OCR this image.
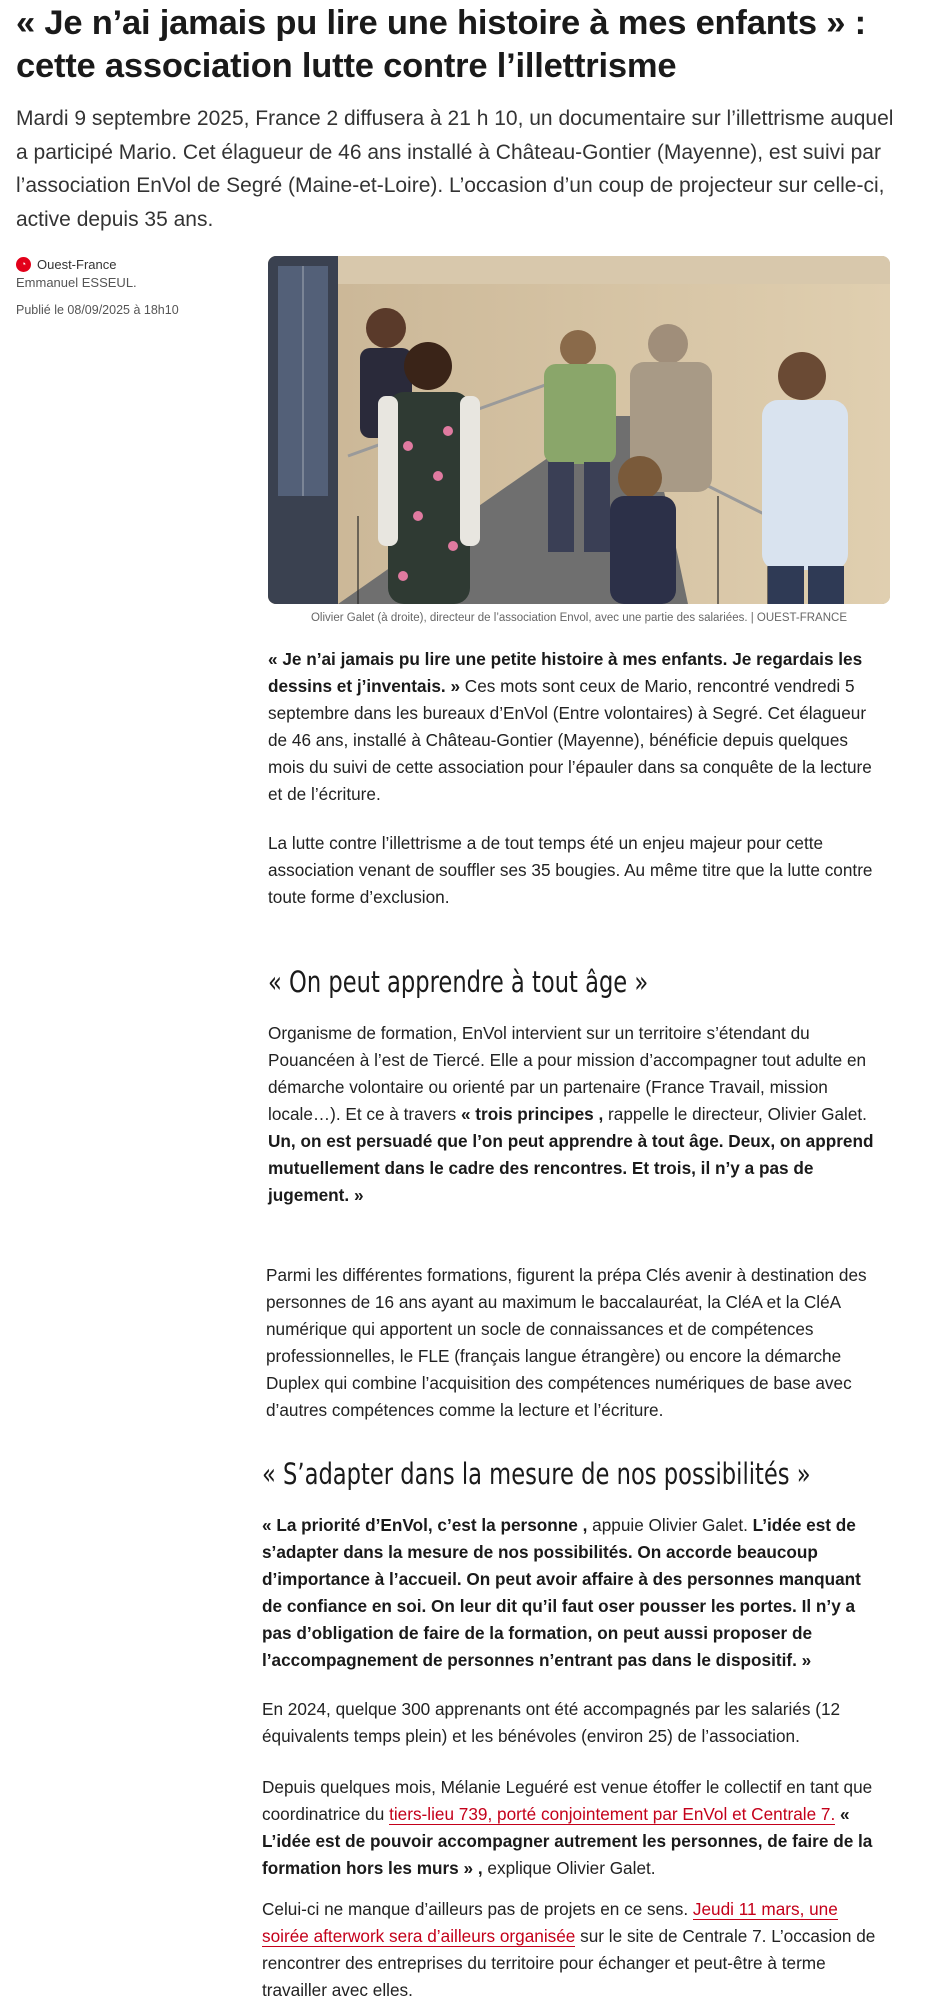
« Je n’ai jamais pu lire une histoire à mes enfants » : cette association lutte contre l’illettrisme

Mardi 9 septembre 2025, France 2 diffusera à 21 h 10, un documentaire sur l’illettrisme auquel a participé Mario. Cet élagueur de 46 ans installé à Château-Gontier (Mayenne), est suivi par l’association EnVol de Segré (Maine-et-Loire). L’occasion d’un coup de projecteur sur celle-ci, active depuis 35 ans.

◔ Ouest-France
Emmanuel ESSEUL.
Publié le 08/09/2025 à 18h10
Olivier Galet (à droite), directeur de l’association Envol, avec une partie des salariées. | OUEST-FRANCE

« Je n’ai jamais pu lire une petite histoire à mes enfants. Je regardais les dessins et j’inventais. » Ces mots sont ceux de Mario, rencontré vendredi 5 septembre dans les bureaux d’EnVol (Entre volontaires) à Segré. Cet élagueur de 46 ans, installé à Château-Gontier (Mayenne), bénéficie depuis quelques mois du suivi de cette association pour l’épauler dans sa conquête de la lecture et de l’écriture.

La lutte contre l’illettrisme a de tout temps été un enjeu majeur pour cette association venant de souffler ses 35 bougies. Au même titre que la lutte contre toute forme d’exclusion.

« On peut apprendre à tout âge »

Organisme de formation, EnVol intervient sur un territoire s’étendant du Pouancéen à l’est de Tiercé. Elle a pour mission d’accompagner tout adulte en démarche volontaire ou orienté par un partenaire (France Travail, mission locale…). Et ce à travers « trois principes , rappelle le directeur, Olivier Galet. Un, on est persuadé que l’on peut apprendre à tout âge. Deux, on apprend mutuellement dans le cadre des rencontres. Et trois, il n’y a pas de jugement. »

Parmi les différentes formations, figurent la prépa Clés avenir à destination des personnes de 16 ans ayant au maximum le baccalauréat, la CléA et la CléA numérique qui apportent un socle de connaissances et de compétences professionnelles, le FLE (français langue étrangère) ou encore la démarche Duplex qui combine l’acquisition des compétences numériques de base avec d’autres compétences comme la lecture et l’écriture.

« S’adapter dans la mesure de nos possibilités »

« La priorité d’EnVol, c’est la personne , appuie Olivier Galet. L’idée est de s’adapter dans la mesure de nos possibilités. On accorde beaucoup d’importance à l’accueil. On peut avoir affaire à des personnes manquant de confiance en soi. On leur dit qu’il faut oser pousser les portes. Il n’y a pas d’obligation de faire de la formation, on peut aussi proposer de l’accompagnement de personnes n’entrant pas dans le dispositif. »

En 2024, quelque 300 apprenants ont été accompagnés par les salariés (12 équivalents temps plein) et les bénévoles (environ 25) de l’association.

Depuis quelques mois, Mélanie Leguéré est venue étoffer le collectif en tant que coordinatrice du tiers-lieu 739, porté conjointement par EnVol et Centrale 7. « L’idée est de pouvoir accompagner autrement les personnes, de faire de la formation hors les murs » , explique Olivier Galet.

Celui-ci ne manque d’ailleurs pas de projets en ce sens. Jeudi 11 mars, une soirée afterwork sera d’ailleurs organisée sur le site de Centrale 7. L’occasion de rencontrer des entreprises du territoire pour échanger et peut-être à terme travailler avec elles.
